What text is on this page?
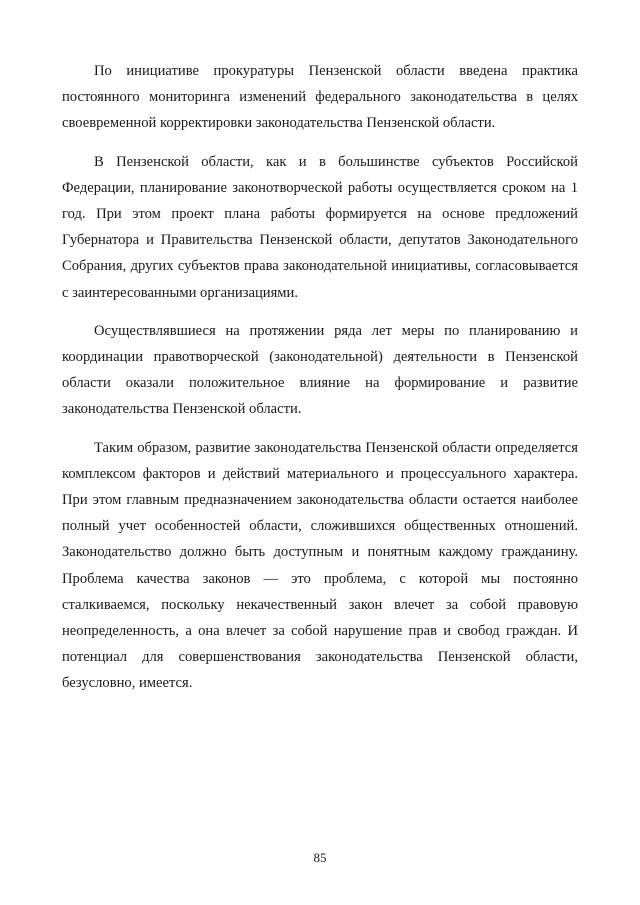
По инициативе прокуратуры Пензенской области введена практика постоянного мониторинга изменений федерального законодательства в целях своевременной корректировки законодательства Пензенской области.

В Пензенской области, как и в большинстве субъектов Российской Федерации, планирование законотворческой работы осуществляется сроком на 1 год. При этом проект плана работы формируется на основе предложений Губернатора и Правительства Пензенской области, депутатов Законодательного Собрания, других субъектов права законодательной инициативы, согласовывается с заинтересованными организациями.

Осуществлявшиеся на протяжении ряда лет меры по планированию и координации правотворческой (законодательной) деятельности в Пензенской области оказали положительное влияние на формирование и развитие законодательства Пензенской области.

Таким образом, развитие законодательства Пензенской области определяется комплексом факторов и действий материального и процессуального характера. При этом главным предназначением законодательства области остается наиболее полный учет особенностей области, сложившихся общественных отношений. Законодательство должно быть доступным и понятным каждому гражданину. Проблема качества законов — это проблема, с которой мы постоянно сталкиваемся, поскольку некачественный закон влечет за собой правовую неопределенность, а она влечет за собой нарушение прав и свобод граждан. И потенциал для совершенствования законодательства Пензенской области, безусловно, имеется.

85
